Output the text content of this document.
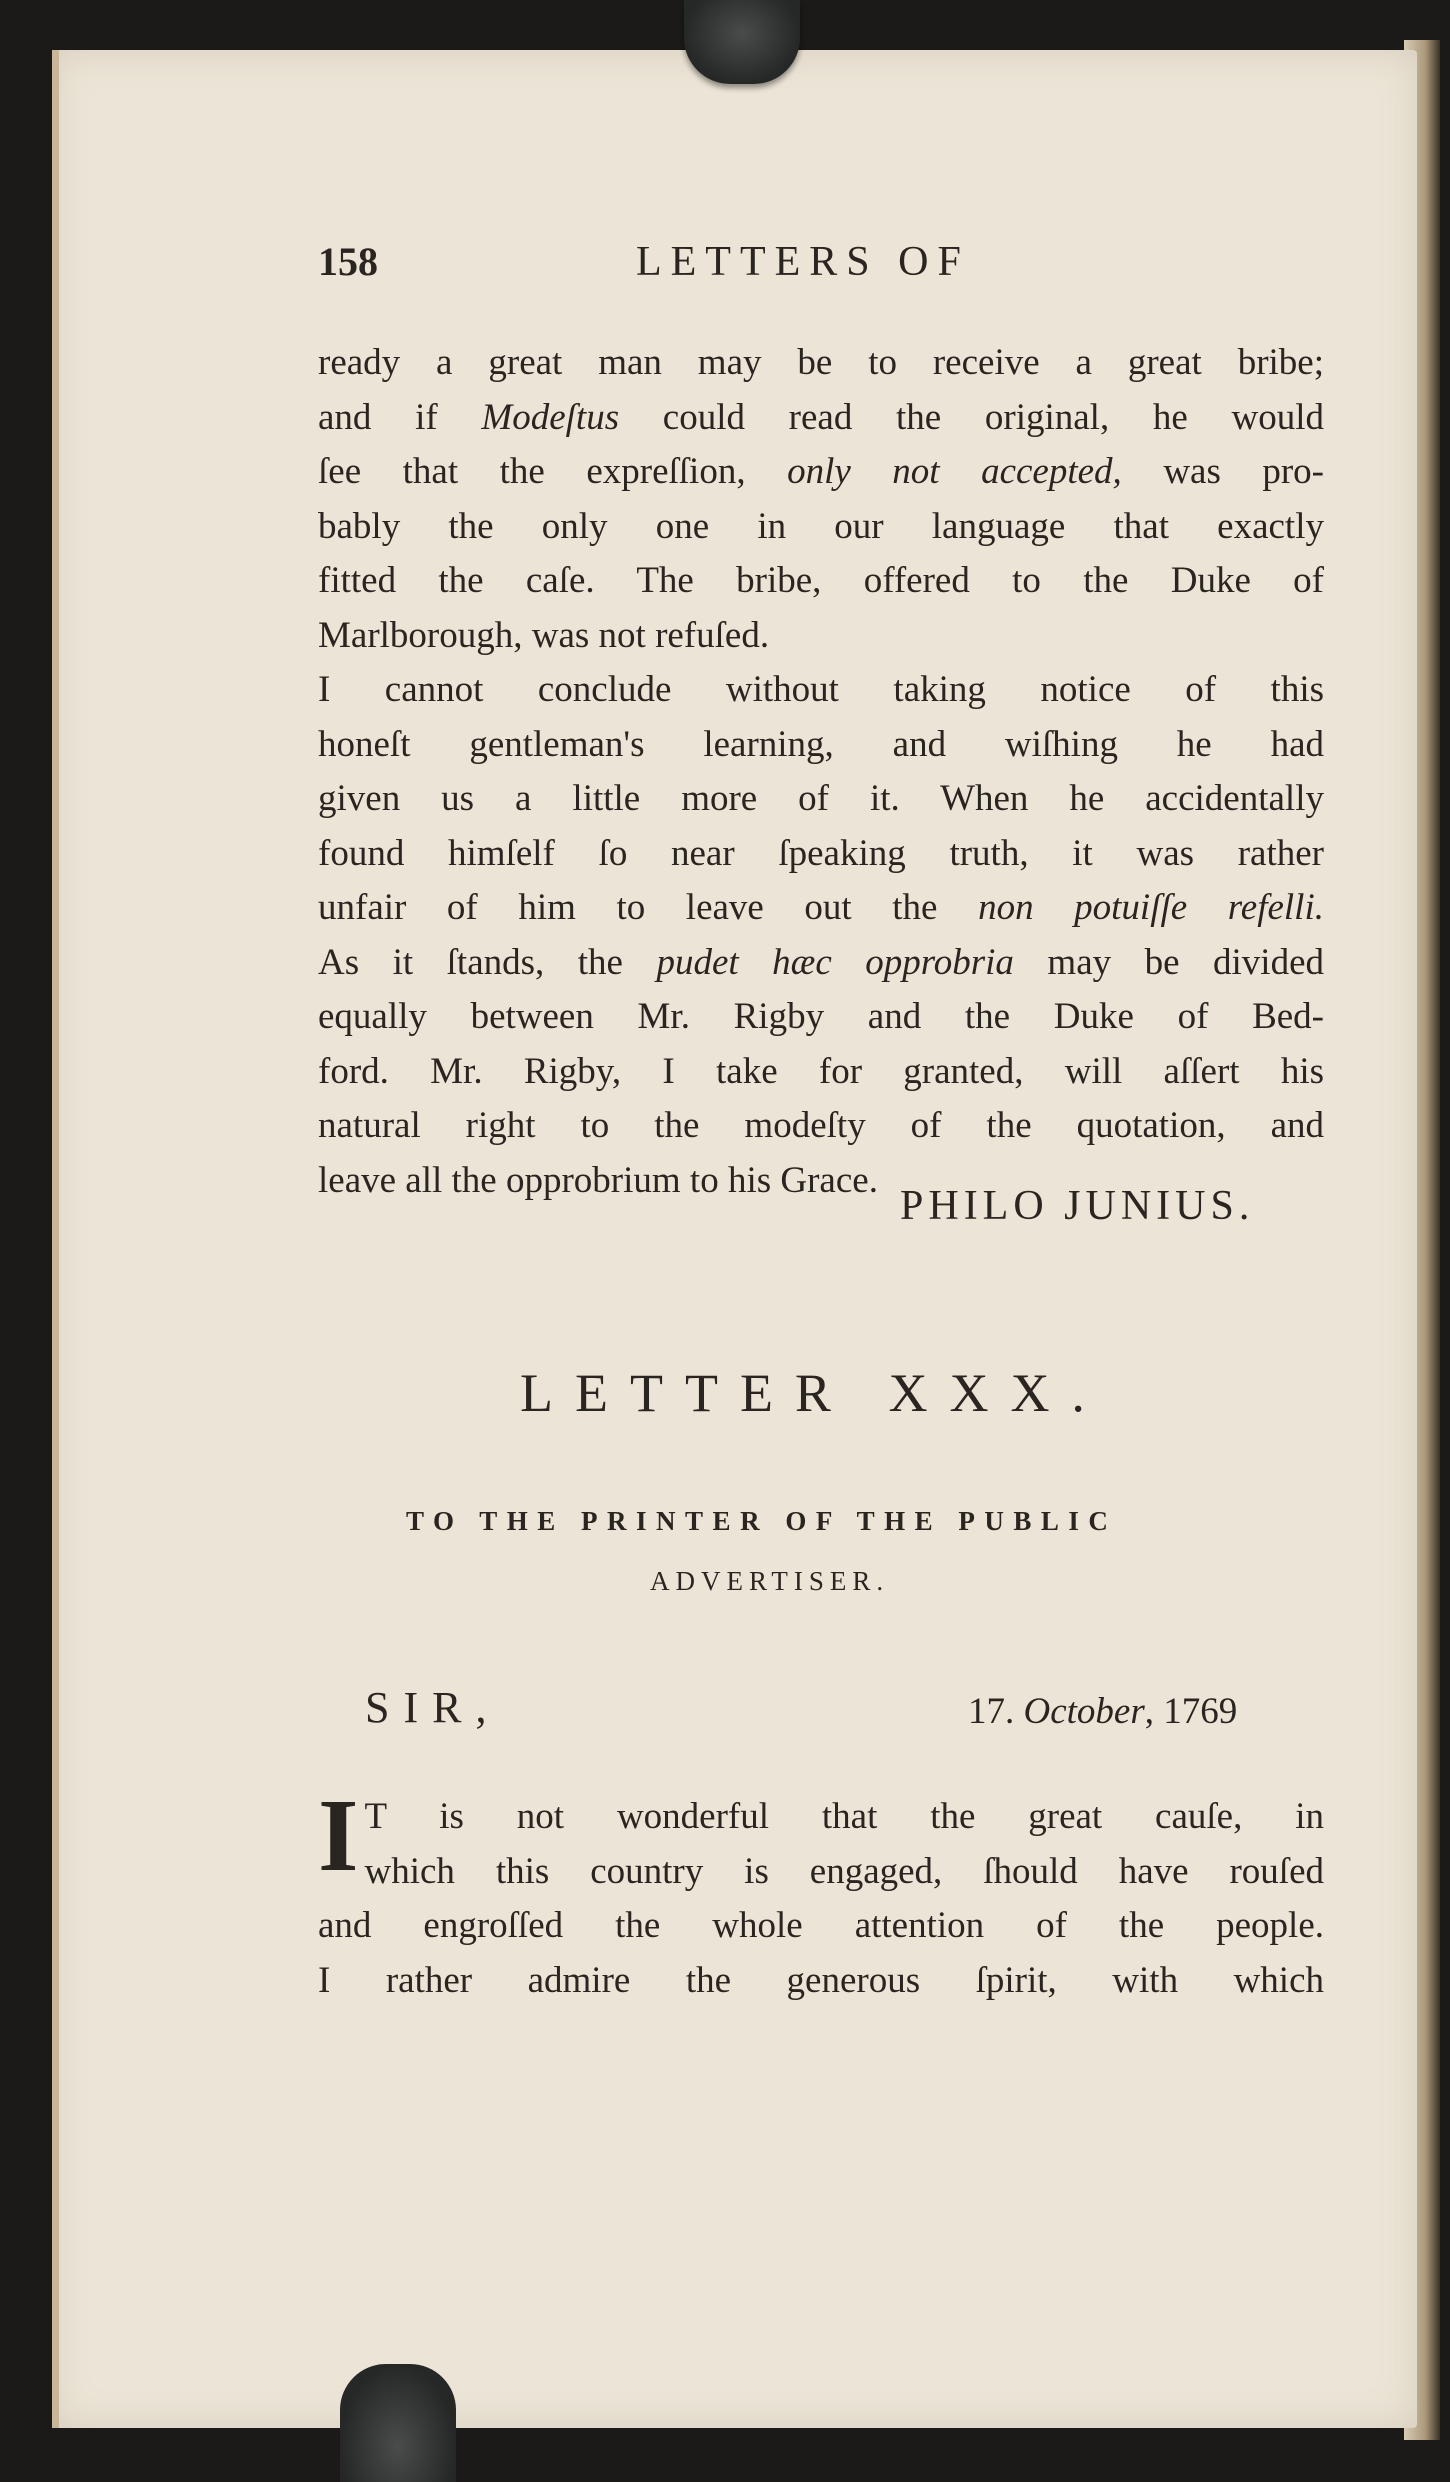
158	LETTERS OF
ready a great man may be to receive a great bribe;
and if Modeſtus could read the original, he would
ſee that the expreſſion, only not accepted, was pro-
bably the only one in our language that exactly
fitted the caſe. The bribe, offered to the Duke of
Marlborough, was not refuſed.
I cannot conclude without taking notice of this
honeſt gentleman's learning, and wiſhing he had
given us a little more of it. When he accidentally
found himſelf ſo near ſpeaking truth, it was rather
unfair of him to leave out the non potuiſſe refelli.
As it ſtands, the pudet hæc opprobria may be divided
equally between Mr. Rigby and the Duke of Bed-
ford. Mr. Rigby, I take for granted, will aſſert his
natural right to the modeſty of the quotation, and
leave all the opprobrium to his Grace.
PHILO JUNIUS.
LETTER XXX.
TO THE PRINTER OF THE PUBLIC
ADVERTISER.
SIR,	17. October, 1769
I T is not wonderful that the great cauſe, in
which this country is engaged, ſhould have rouſed
and engroſſed the whole attention of the people.
I rather admire the generous ſpirit, with which
